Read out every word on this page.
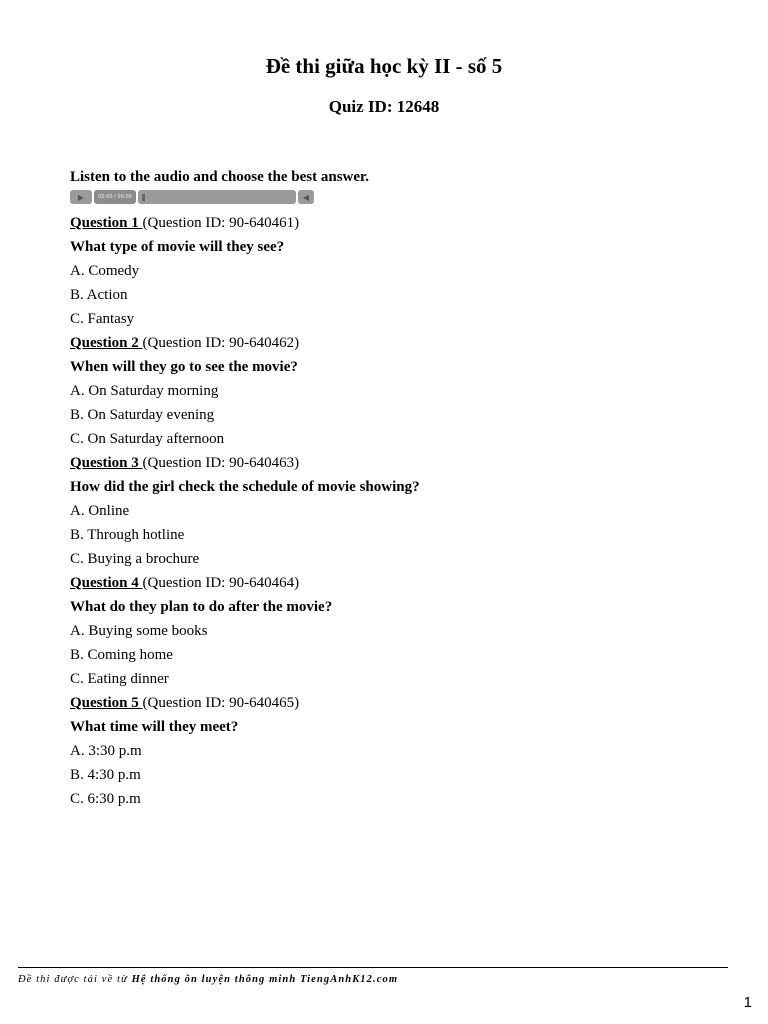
Đề thi giữa học kỳ II - số 5
Quiz ID: 12648
Listen to the audio and choose the best answer.
▶	00:00 / 00:00	◀
Question 1 (Question ID: 90-640461)
What type of movie will they see?
A. Comedy
B. Action
C. Fantasy
Question 2 (Question ID: 90-640462)
When will they go to see the movie?
A. On Saturday morning
B. On Saturday evening
C. On Saturday afternoon
Question 3 (Question ID: 90-640463)
How did the girl check the schedule of movie showing?
A. Online
B. Through hotline
C. Buying a brochure
Question 4 (Question ID: 90-640464)
What do they plan to do after the movie?
A. Buying some books
B. Coming home
C. Eating dinner
Question 5 (Question ID: 90-640465)
What time will they meet?
A. 3:30 p.m
B. 4:30 p.m
C. 6:30 p.m
Đề thi được tải về từ Hệ thống ôn luyện thông minh TiengAnhK12.com
1
